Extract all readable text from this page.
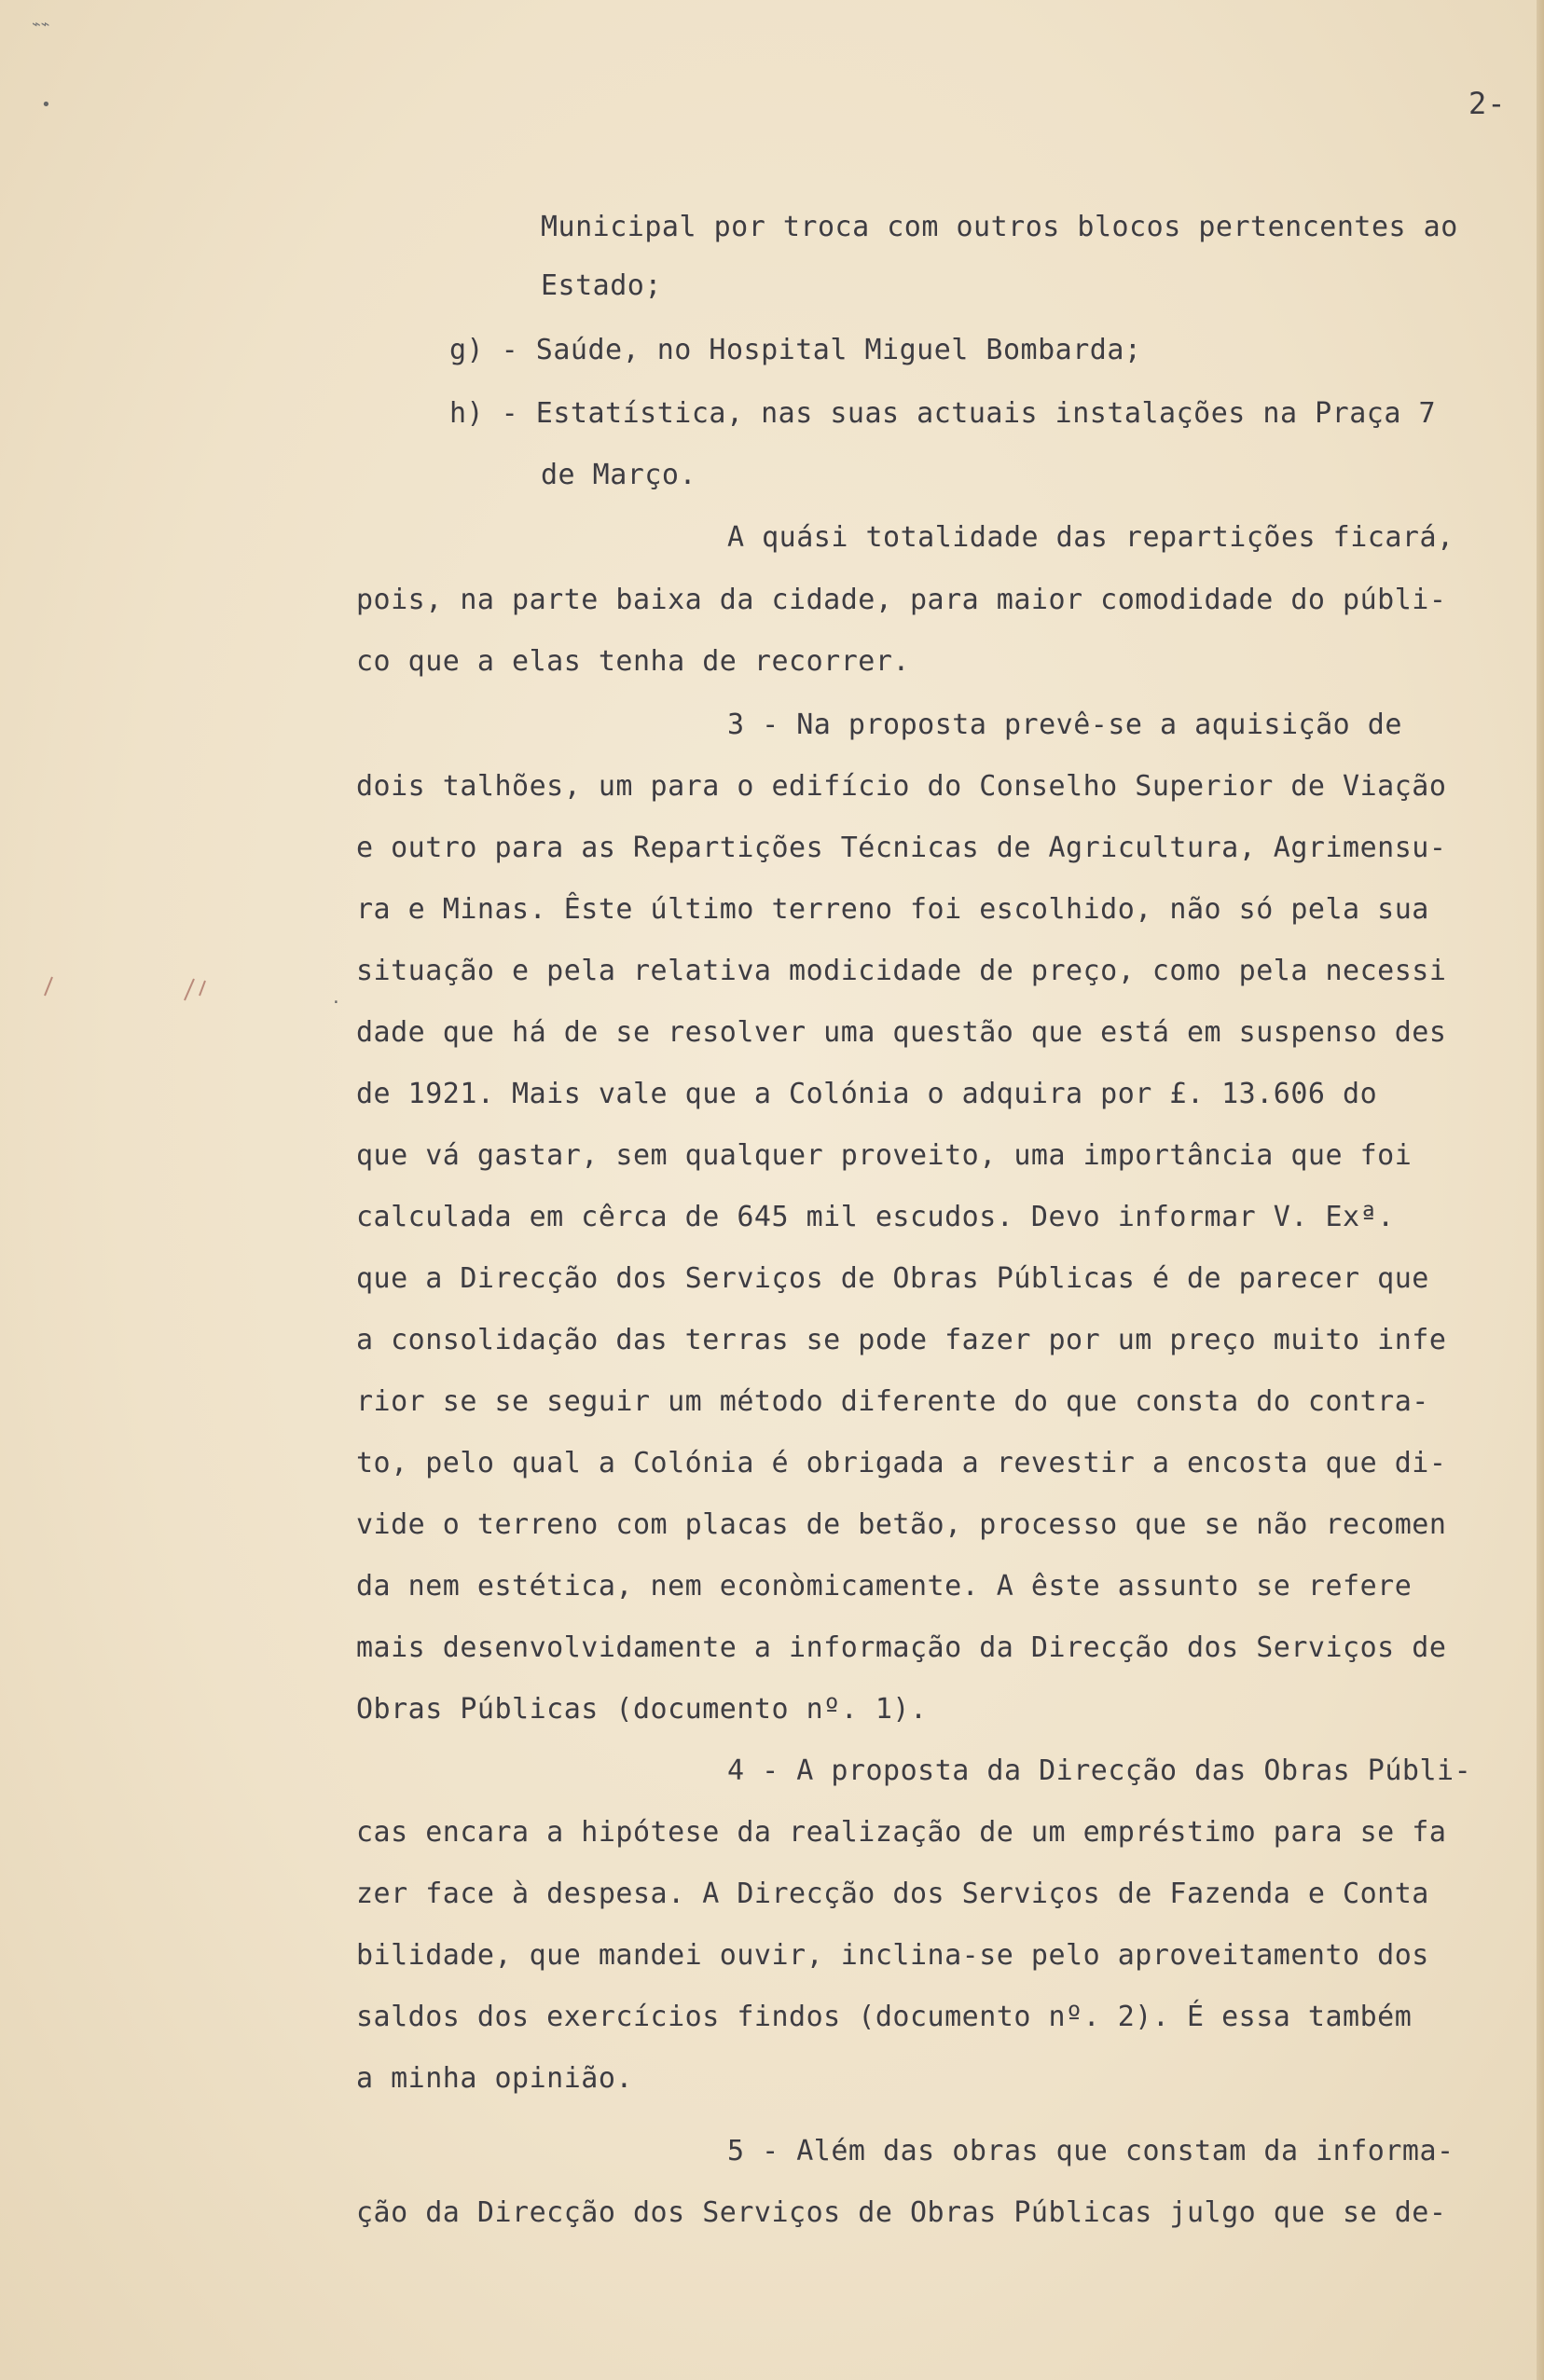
⌁⌁
•
·
2-
Municipal por troca com outros blocos pertencentes ao
Estado;
g) - Saúde, no Hospital Miguel Bombarda;
h) - Estatística, nas suas actuais instalações na Praça 7
de Março.
A quási totalidade das repartições ficará,
pois, na parte baixa da cidade, para maior comodidade do públi-
co que a elas tenha de recorrer.
3 - Na proposta prevê-se a aquisição de
dois talhões, um para o edifício do Conselho Superior de Viação
e outro para as Repartições Técnicas de Agricultura, Agrimensu-
ra e Minas. Êste último terreno foi escolhido, não só pela sua
situação e pela relativa modicidade de preço, como pela necessi
dade que há de se resolver uma questão que está em suspenso des
de 1921. Mais vale que a Colónia o adquira por £. 13.606 do
que vá gastar, sem qualquer proveito, uma importância que foi
calculada em cêrca de 645 mil escudos. Devo informar V. Exª.
que a Direcção dos Serviços de Obras Públicas é de parecer que
a consolidação das terras se pode fazer por um preço muito infe
rior se se seguir um método diferente do que consta do contra-
to, pelo qual a Colónia é obrigada a revestir a encosta que di-
vide o terreno com placas de betão, processo que se não recomen
da nem estética, nem econòmicamente. A êste assunto se refere
mais desenvolvidamente a informação da Direcção dos Serviços de
Obras Públicas (documento nº. 1).
4 - A proposta da Direcção das Obras Públi-
cas encara a hipótese da realização de um empréstimo para se fa
zer face à despesa. A Direcção dos Serviços de Fazenda e Conta
bilidade, que mandei ouvir, inclina-se pelo aproveitamento dos
saldos dos exercícios findos (documento nº. 2). É essa também
a minha opinião.
5 - Além das obras que constam da informa-
ção da Direcção dos Serviços de Obras Públicas julgo que se de-
